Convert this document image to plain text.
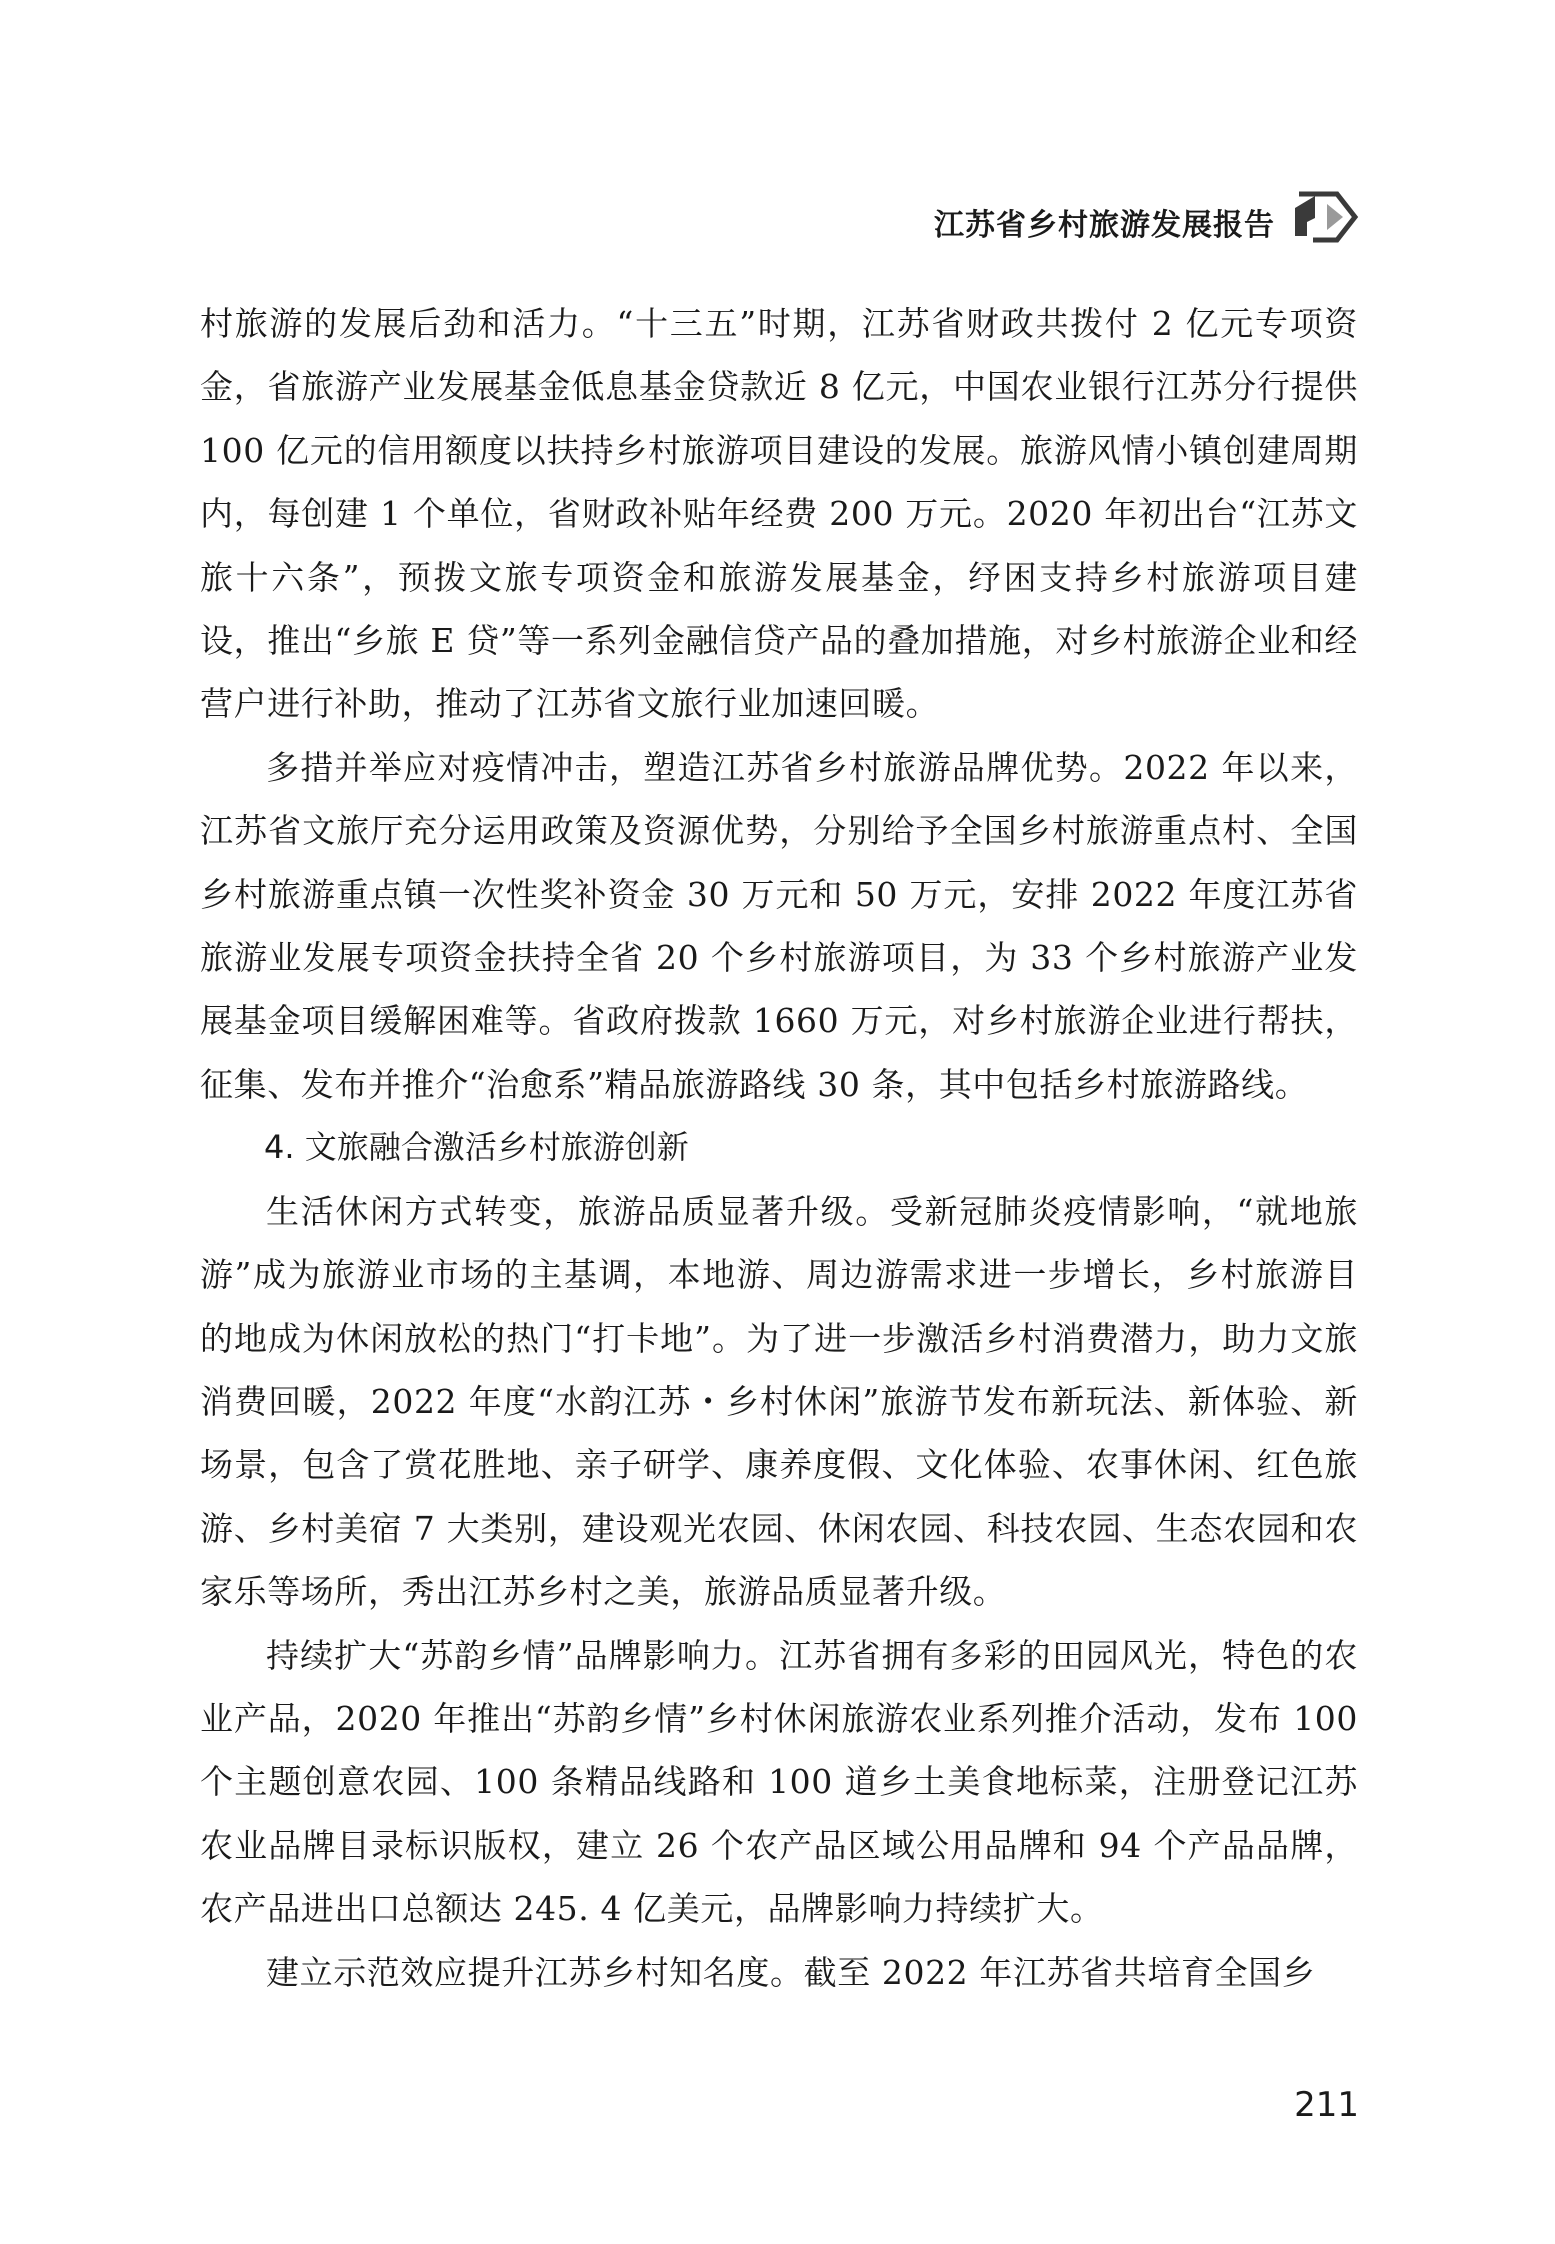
江苏省乡村旅游发展报告

村旅游的发展后劲和活力。“十三五”时期，江苏省财政共拨付 2 亿元专项资金，省旅游产业发展基金低息基金贷款近 8 亿元，中国农业银行江苏分行提供 100 亿元的信用额度以扶持乡村旅游项目建设的发展。旅游风情小镇创建周期内，每创建 1 个单位，省财政补贴年经费 200 万元。2020 年初出台“江苏文旅十六条”，预拨文旅专项资金和旅游发展基金，纾困支持乡村旅游项目建设，推出“乡旅 E 贷”等一系列金融信贷产品的叠加措施，对乡村旅游企业和经营户进行补助，推动了江苏省文旅行业加速回暖。

多措并举应对疫情冲击，塑造江苏省乡村旅游品牌优势。2022 年以来，江苏省文旅厅充分运用政策及资源优势，分别给予全国乡村旅游重点村、全国乡村旅游重点镇一次性奖补资金 30 万元和 50 万元，安排 2022 年度江苏省旅游业发展专项资金扶持全省 20 个乡村旅游项目，为 33 个乡村旅游产业发展基金项目缓解困难等。省政府拨款 1660 万元，对乡村旅游企业进行帮扶，征集、发布并推介“治愈系”精品旅游路线 30 条，其中包括乡村旅游路线。

4. 文旅融合激活乡村旅游创新

生活休闲方式转变，旅游品质显著升级。受新冠肺炎疫情影响，“就地旅游”成为旅游业市场的主基调，本地游、周边游需求进一步增长，乡村旅游目的地成为休闲放松的热门“打卡地”。为了进一步激活乡村消费潜力，助力文旅消费回暖，2022 年度“水韵江苏・乡村休闲”旅游节发布新玩法、新体验、新场景，包含了赏花胜地、亲子研学、康养度假、文化体验、农事休闲、红色旅游、乡村美宿 7 大类别，建设观光农园、休闲农园、科技农园、生态农园和农家乐等场所，秀出江苏乡村之美，旅游品质显著升级。

持续扩大“苏韵乡情”品牌影响力。江苏省拥有多彩的田园风光，特色的农业产品，2020 年推出“苏韵乡情”乡村休闲旅游农业系列推介活动，发布 100 个主题创意农园、100 条精品线路和 100 道乡土美食地标菜，注册登记江苏农业品牌目录标识版权，建立 26 个农产品区域公用品牌和 94 个产品品牌，农产品进出口总额达 245. 4 亿美元，品牌影响力持续扩大。

建立示范效应提升江苏乡村知名度。截至 2022 年江苏省共培育全国乡

211
